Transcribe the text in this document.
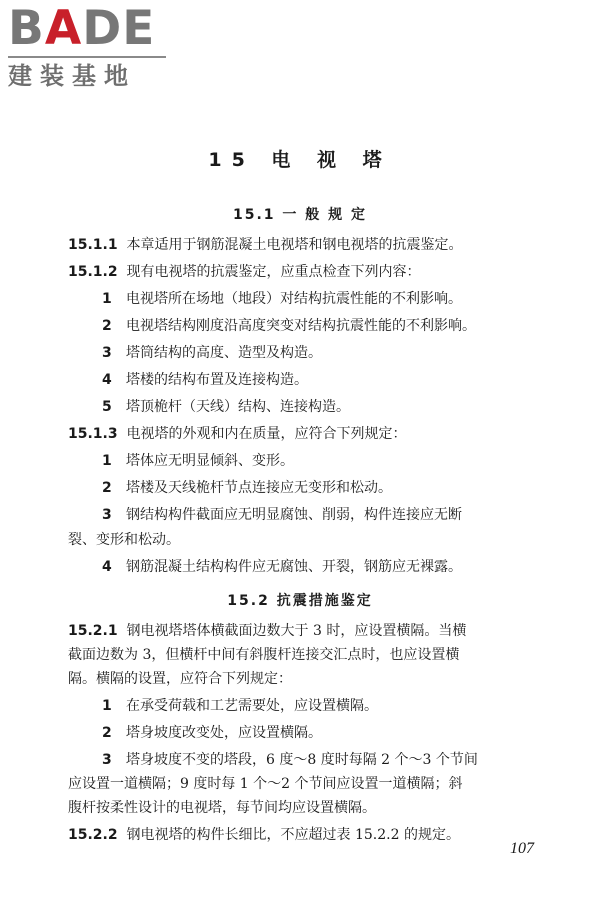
BADE
建装基地
15 电 视 塔
15.1 一 般 规 定
15.1.1 本章适用于钢筋混凝土电视塔和钢电视塔的抗震鉴定。
15.1.2 现有电视塔的抗震鉴定，应重点检查下列内容：
1 电视塔所在场地（地段）对结构抗震性能的不利影响。
2 电视塔结构刚度沿高度突变对结构抗震性能的不利影响。
3 塔筒结构的高度、造型及构造。
4 塔楼的结构布置及连接构造。
5 塔顶桅杆（天线）结构、连接构造。
15.1.3 电视塔的外观和内在质量，应符合下列规定：
1 塔体应无明显倾斜、变形。
2 塔楼及天线桅杆节点连接应无变形和松动。
3 钢结构构件截面应无明显腐蚀、削弱，构件连接应无断
裂、变形和松动。
4 钢筋混凝土结构构件应无腐蚀、开裂，钢筋应无裸露。
15.2 抗震措施鉴定
15.2.1 钢电视塔塔体横截面边数大于 3 时，应设置横隔。当横
截面边数为 3，但横杆中间有斜腹杆连接交汇点时，也应设置横
隔。横隔的设置，应符合下列规定：
1 在承受荷载和工艺需要处，应设置横隔。
2 塔身坡度改变处，应设置横隔。
3 塔身坡度不变的塔段，6 度～8 度时每隔 2 个～3 个节间
应设置一道横隔；9 度时每 1 个～2 个节间应设置一道横隔；斜
腹杆按柔性设计的电视塔，每节间均应设置横隔。
15.2.2 钢电视塔的构件长细比，不应超过表 15.2.2 的规定。
107
